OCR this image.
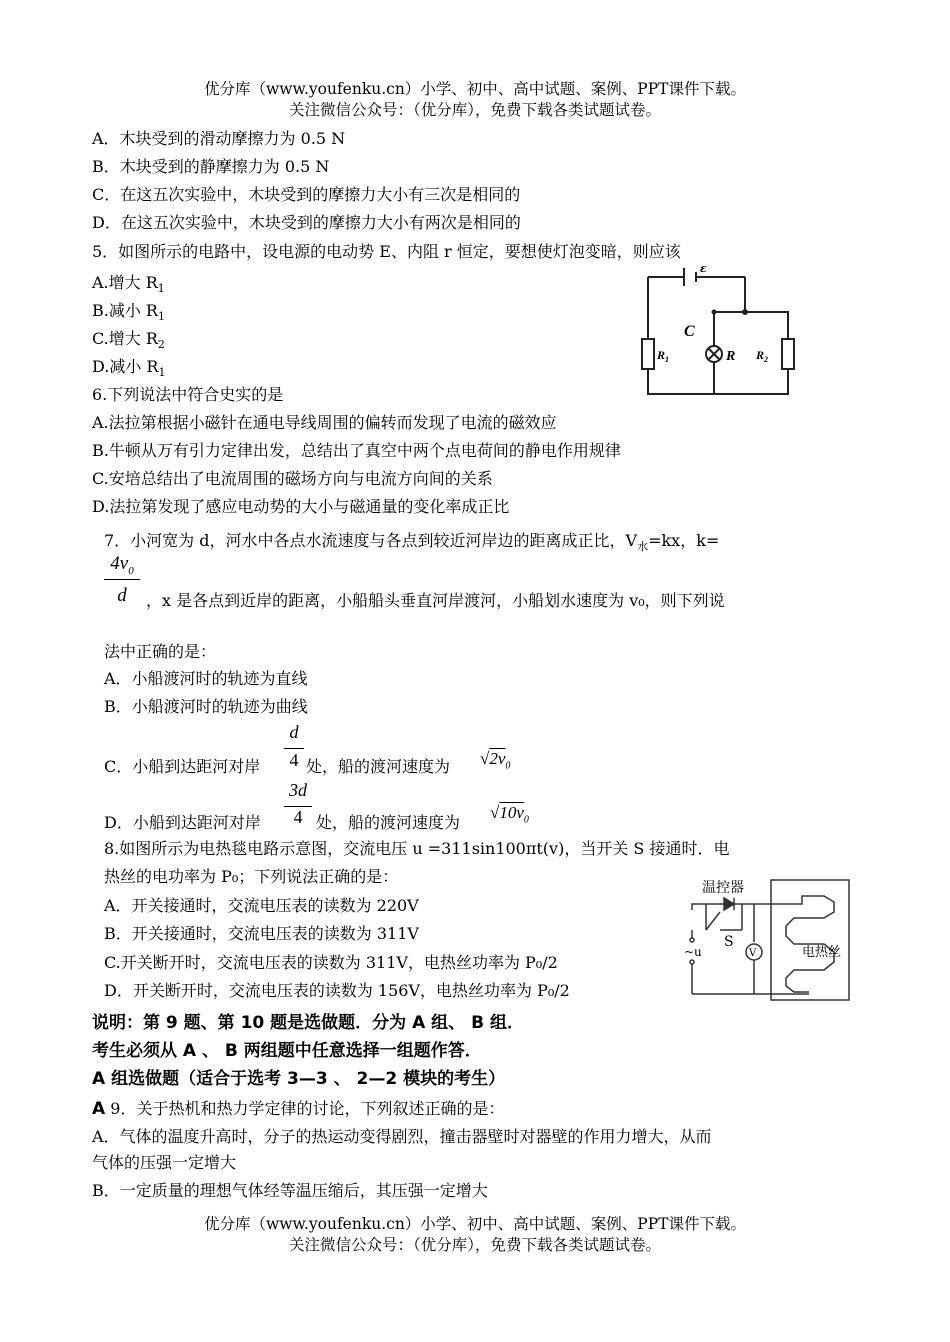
优分库（www.youfenku.cn）小学、初中、高中试题、案例、PPT课件下载。
关注微信公众号：（优分库），免费下载各类试题试卷。
A．木块受到的滑动摩擦力为 0.5 N
B．木块受到的静摩擦力为 0.5 N
C．在这五次实验中，木块受到的摩擦力大小有三次是相同的
D．在这五次实验中，木块受到的摩擦力大小有两次是相同的
5．如图所示的电路中，设电源的电动势 E、内阻 r 恒定，要想使灯泡变暗，则应该
A.增大 $R_1$
B.减小 $R_1$
C.增大 $R_2$
D.减小 $R_1$
ε
C
$R_1$	R $R_2$
6.下列说法中符合史实的是
A.法拉第根据小磁针在通电导线周围的偏转而发现了电流的磁效应
B.牛顿从万有引力定律出发，总结出了真空中两个点电荷间的静电作用规律
C.安培总结出了电流周围的磁场方向与电流方向间的关系
D.法拉第发现了感应电动势的大小与磁通量的变化率成正比
7．小河宽为 d，河水中各点水流速度与各点到较近河岸边的距离成正比，$V_水=kx$，k=
$4v_0$
d	，x 是各点到近岸的距离，小船船头垂直河岸渡河，小船划水速度为 v₀，则下列说
法中正确的是：
A．小船渡河时的轨迹为直线
B．小船渡河时的轨迹为曲线
C．小船到达距河对岸
d
4 处，船的渡河速度为 $√2v_0$
D．小船到达距河对岸
3d
4 处，船的渡河速度为
$√10v_0$
8.如图所示为电热毯电路示意图，交流电压 u =311sin100πt(v)，当开关 S 接通时．电
热丝的电功率为 P₀；下列说法正确的是：
A．开关接通时，交流电压表的读数为 220V
B．开关接通时，交流电压表的读数为 311V
C.开关断开时，交流电压表的读数为 311V，电热丝功率为 P₀/2
D．开关断开时，交流电压表的读数为 156V，电热丝功率为 P₀/2
温控器
S
~u	V	电热丝
说明：第 9 题、第 10 题是选做题．分为 A 组、 B 组．
考生必须从 A 、 B 两组题中任意选择一组题作答．
A 组选做题（适合于选考 3—3 、 2—2 模块的考生）
A 9．关于热机和热力学定律的讨论，下列叙述正确的是：
A．气体的温度升高时，分子的热运动变得剧烈，撞击器壁时对器壁的作用力增大，从而
气体的压强一定增大
B．一定质量的理想气体经等温压缩后，其压强一定增大
优分库（www.youfenku.cn）小学、初中、高中试题、案例、PPT课件下载。
关注微信公众号：（优分库），免费下载各类试题试卷。
